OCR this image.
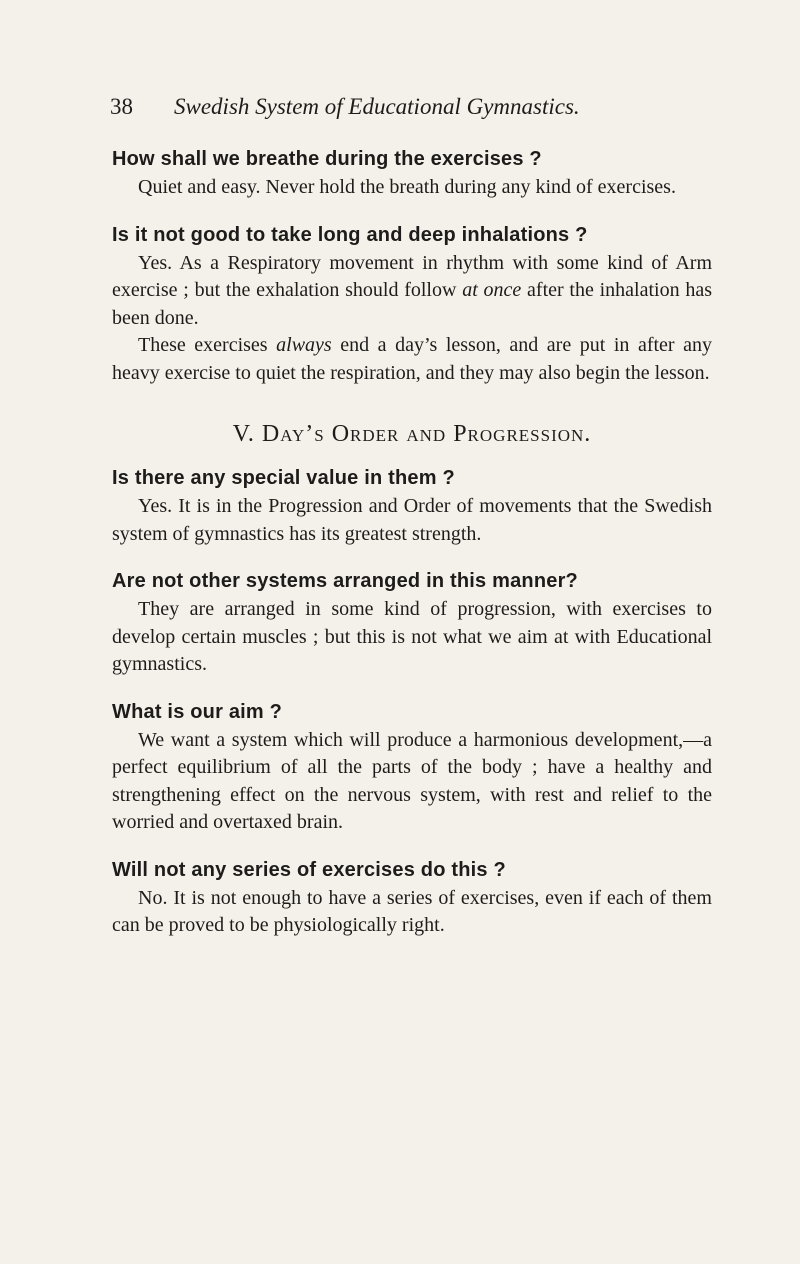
38 Swedish System of Educational Gymnastics.
How shall we breathe during the exercises ?

Quiet and easy. Never hold the breath during any kind of exercises.

Is it not good to take long and deep inhalations ?

Yes. As a Respiratory movement in rhythm with some kind of Arm exercise ; but the exhalation should follow at once after the inhalation has been done.

These exercises always end a day’s lesson, and are put in after any heavy exercise to quiet the respiration, and they may also begin the lesson.

V. Day’s Order and Progression.
Is there any special value in them ?

Yes. It is in the Progression and Order of movements that the Swedish system of gymnastics has its greatest strength.

Are not other systems arranged in this manner?

They are arranged in some kind of progression, with exercises to develop certain muscles ; but this is not what we aim at with Educational gymnastics.

What is our aim ?

We want a system which will produce a harmonious development,—a perfect equilibrium of all the parts of the body ; have a healthy and strengthening effect on the nervous system, with rest and relief to the worried and overtaxed brain.

Will not any series of exercises do this ?

No. It is not enough to have a series of exercises, even if each of them can be proved to be physiologically right.
